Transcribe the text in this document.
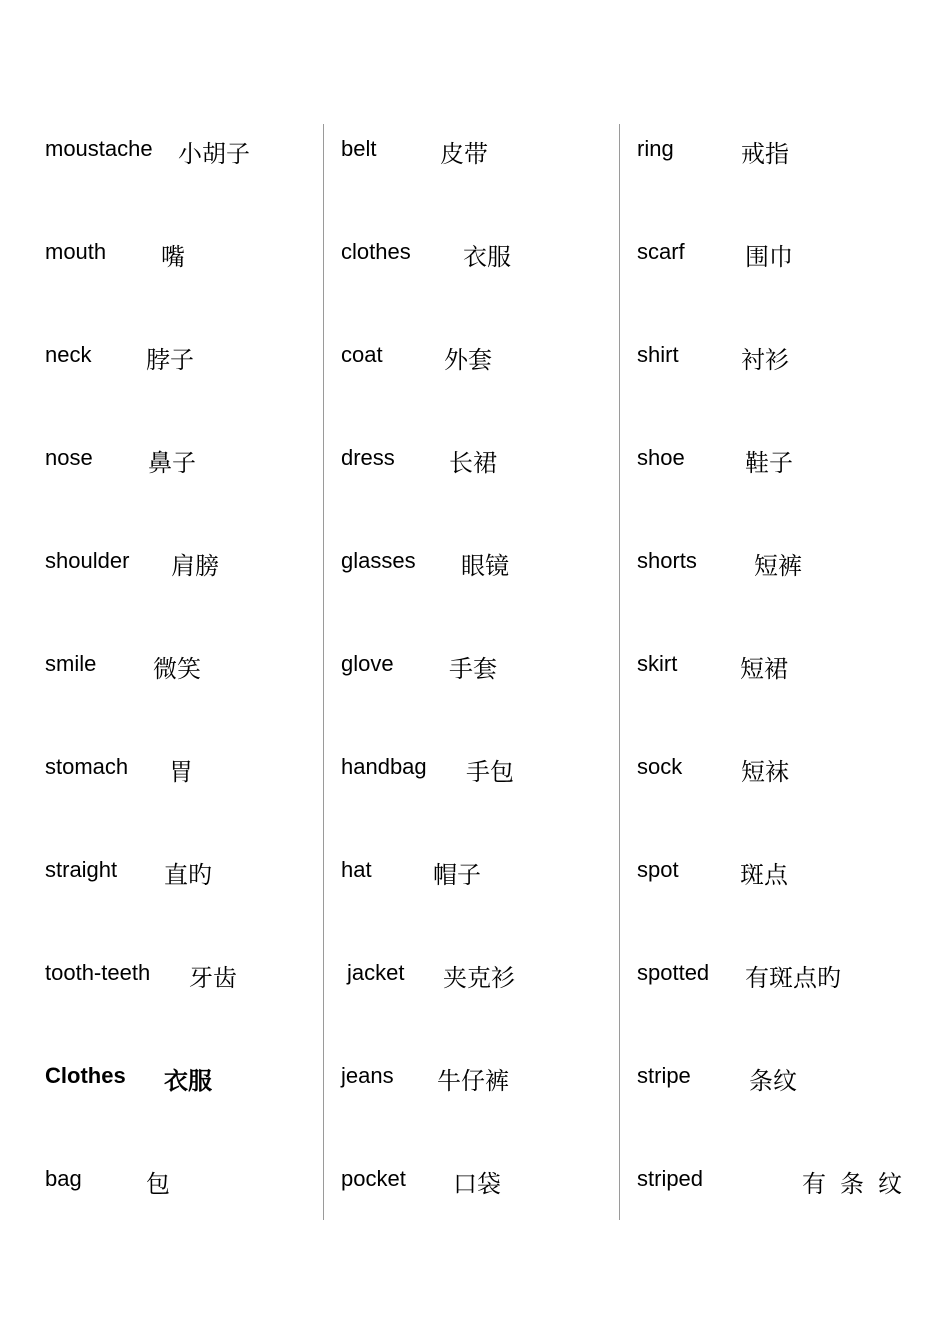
moustache 小胡子
mouth 嘴
neck 脖子
nose 鼻子
shoulder 肩膀
smile 微笑
stomach 胃
straight 直旳
tooth-teeth 牙齿
Clothes 衣服
bag	包
belt	皮带
clothes 衣服
coat	外套
dress 长裙
glasses 眼镜
glove 手套
handbag 手包
hat	帽子
jacket 夹克衫
jeans 牛仔裤
pocket 口袋
ring	戒指
scarf	围巾
shirt	衬衫
shoe	鞋子
shorts 短裤
skirt	短裙
sock 短袜
spot	斑点
spotted 有斑点旳
stripe 条纹
striped	有条纹
